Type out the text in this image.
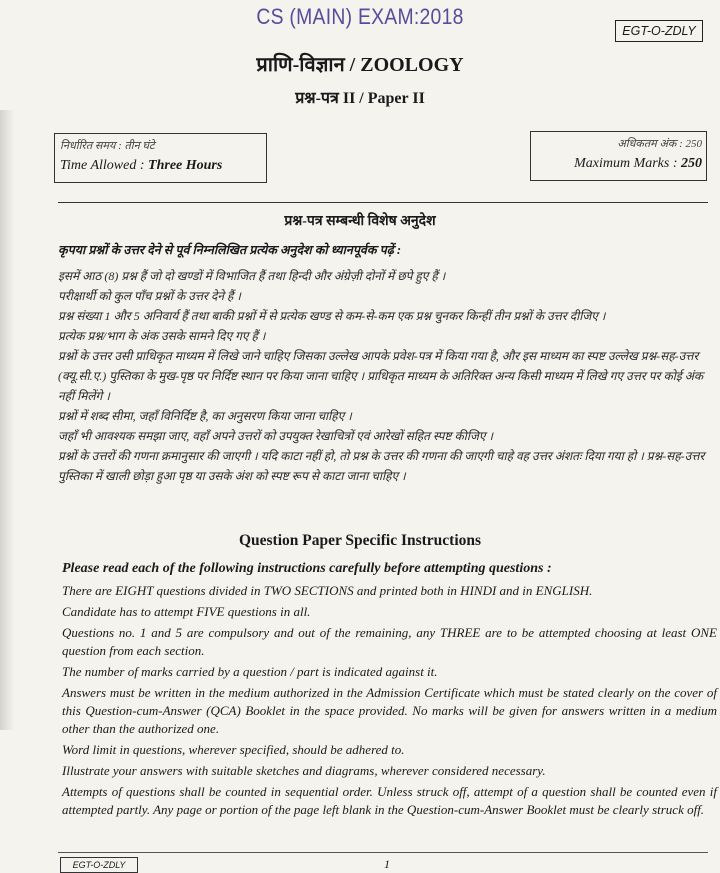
CS (MAIN) EXAM:2018
EGT-O-ZDLY
प्राणि-विज्ञान / ZOOLOGY
प्रश्न-पत्र II / Paper II
निर्धारित समय : तीन घंटे
Time Allowed : Three Hours
अधिकतम अंक : 250
Maximum Marks : 250
प्रश्न-पत्र सम्बन्धी विशेष अनुदेश
कृपया प्रश्नों के उत्तर देने से पूर्व निम्नलिखित प्रत्येक अनुदेश को ध्यानपूर्वक पढ़ें :

इसमें आठ (8) प्रश्न हैं जो दो खण्डों में विभाजित हैं तथा हिन्दी और अंग्रेज़ी दोनों में छपे हुए हैं ।

परीक्षार्थी को कुल पाँच प्रश्नों के उत्तर देने हैं ।

प्रश्न संख्या 1 और 5 अनिवार्य हैं तथा बाकी प्रश्नों में से प्रत्येक खण्ड से कम-से-कम एक प्रश्न चुनकर किन्हीं तीन प्रश्नों के उत्तर दीजिए ।

प्रत्येक प्रश्न/भाग के अंक उसके सामने दिए गए हैं ।

प्रश्नों के उत्तर उसी प्राधिकृत माध्यम में लिखे जाने चाहिए जिसका उल्लेख आपके प्रवेश-पत्र में किया गया है, और इस माध्यम का स्पष्ट उल्लेख प्रश्न-सह-उत्तर (क्यू.सी.ए.) पुस्तिका के मुख-पृष्ठ पर निर्दिष्ट स्थान पर किया जाना चाहिए । प्राधिकृत माध्यम के अतिरिक्त अन्य किसी माध्यम में लिखे गए उत्तर पर कोई अंक नहीं मिलेंगे ।

प्रश्नों में शब्द सीमा, जहाँ विनिर्दिष्ट है, का अनुसरण किया जाना चाहिए ।

जहाँ भी आवश्यक समझा जाए, वहाँ अपने उत्तरों को उपयुक्त रेखाचित्रों एवं आरेखों सहित स्पष्ट कीजिए ।

प्रश्नों के उत्तरों की गणना क्रमानुसार की जाएगी । यदि काटा नहीं हो, तो प्रश्न के उत्तर की गणना की जाएगी चाहे वह उत्तर अंशतः दिया गया हो । प्रश्न-सह-उत्तर पुस्तिका में खाली छोड़ा हुआ पृष्ठ या उसके अंश को स्पष्ट रूप से काटा जाना चाहिए ।

Question Paper Specific Instructions
Please read each of the following instructions carefully before attempting questions :

There are EIGHT questions divided in TWO SECTIONS and printed both in HINDI and in ENGLISH.

Candidate has to attempt FIVE questions in all.

Questions no. 1 and 5 are compulsory and out of the remaining, any THREE are to be attempted choosing at least ONE question from each section.

The number of marks carried by a question / part is indicated against it.

Answers must be written in the medium authorized in the Admission Certificate which must be stated clearly on the cover of this Question-cum-Answer (QCA) Booklet in the space provided. No marks will be given for answers written in a medium other than the authorized one.

Word limit in questions, wherever specified, should be adhered to.

Illustrate your answers with suitable sketches and diagrams, wherever considered necessary.

Attempts of questions shall be counted in sequential order. Unless struck off, attempt of a question shall be counted even if attempted partly. Any page or portion of the page left blank in the Question-cum-Answer Booklet must be clearly struck off.

EGT-O-ZDLY	1
